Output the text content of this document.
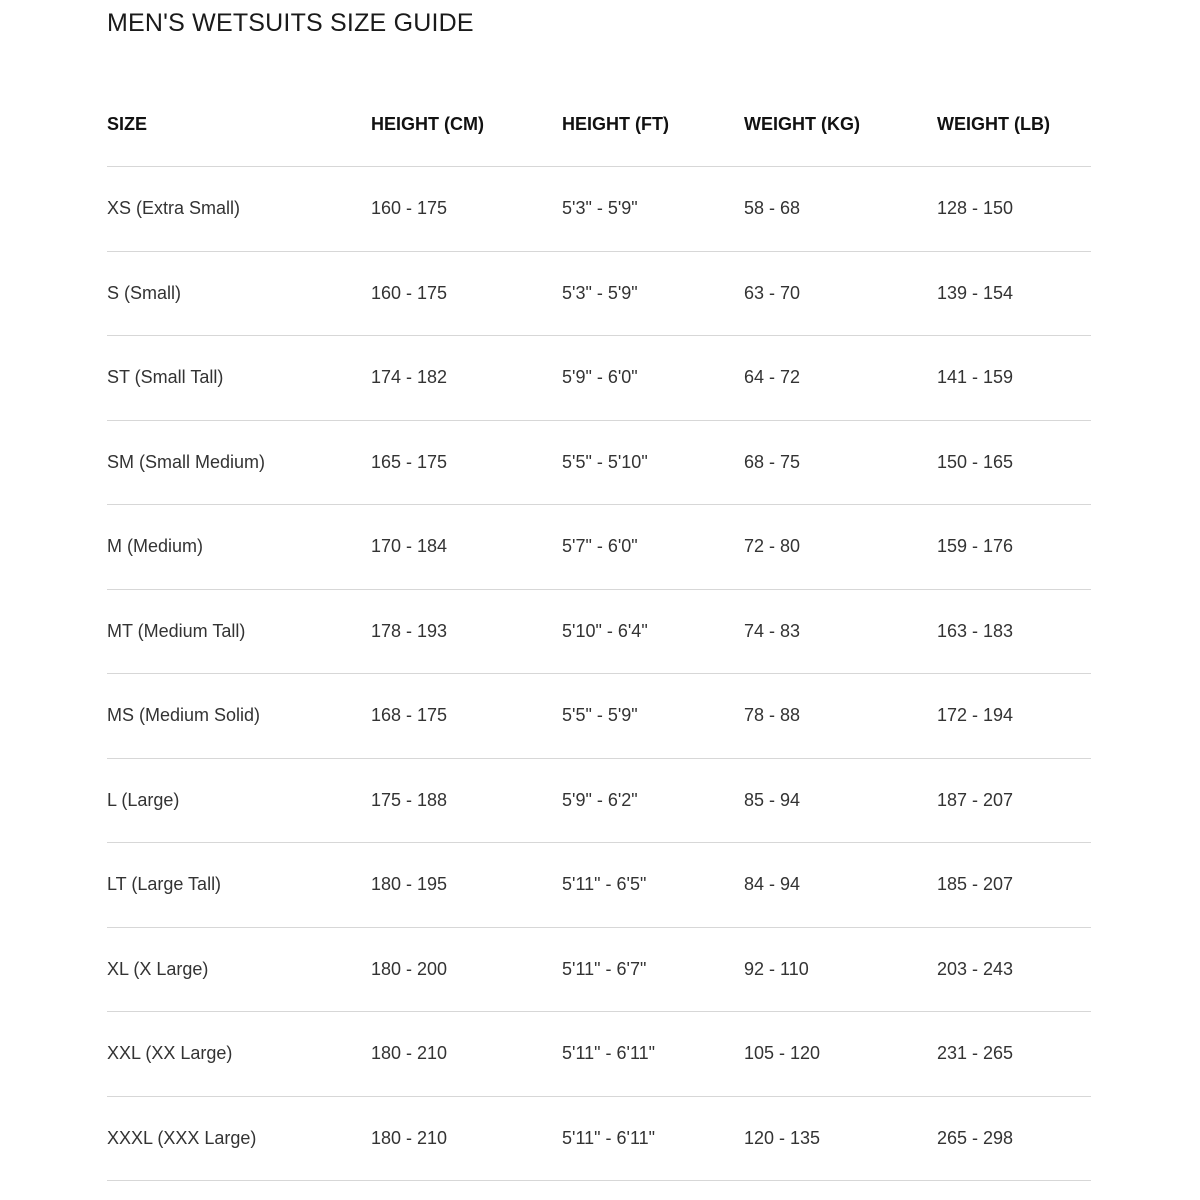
MEN'S WETSUITS SIZE GUIDE
SIZE	HEIGHT (CM)	HEIGHT (FT)	WEIGHT (KG)	WEIGHT (LB)
XS (Extra Small)	160 - 175	5'3" - 5'9"	58 - 68	128 - 150
S (Small)	160 - 175	5'3" - 5'9"	63 - 70	139 - 154
ST (Small Tall)	174 - 182	5'9" - 6'0"	64 - 72	141 - 159
SM (Small Medium)	165 - 175	5'5" - 5'10"	68 - 75	150 - 165
M (Medium)	170 - 184	5'7" - 6'0"	72 - 80	159 - 176
MT (Medium Tall)	178 - 193	5'10" - 6'4"	74 - 83	163 - 183
MS (Medium Solid)	168 - 175	5'5" - 5'9"	78 - 88	172 - 194
L (Large)	175 - 188	5'9" - 6'2"	85 - 94	187 - 207
LT (Large Tall)	180 - 195	5'11" - 6'5"	84 - 94	185 - 207
XL (X Large)	180 - 200	5'11" - 6'7"	92 - 110	203 - 243
XXL (XX Large)	180 - 210	5'11" - 6'11"	105 - 120	231 - 265
XXXL (XXX Large)	180 - 210	5'11" - 6'11"	120 - 135	265 - 298
